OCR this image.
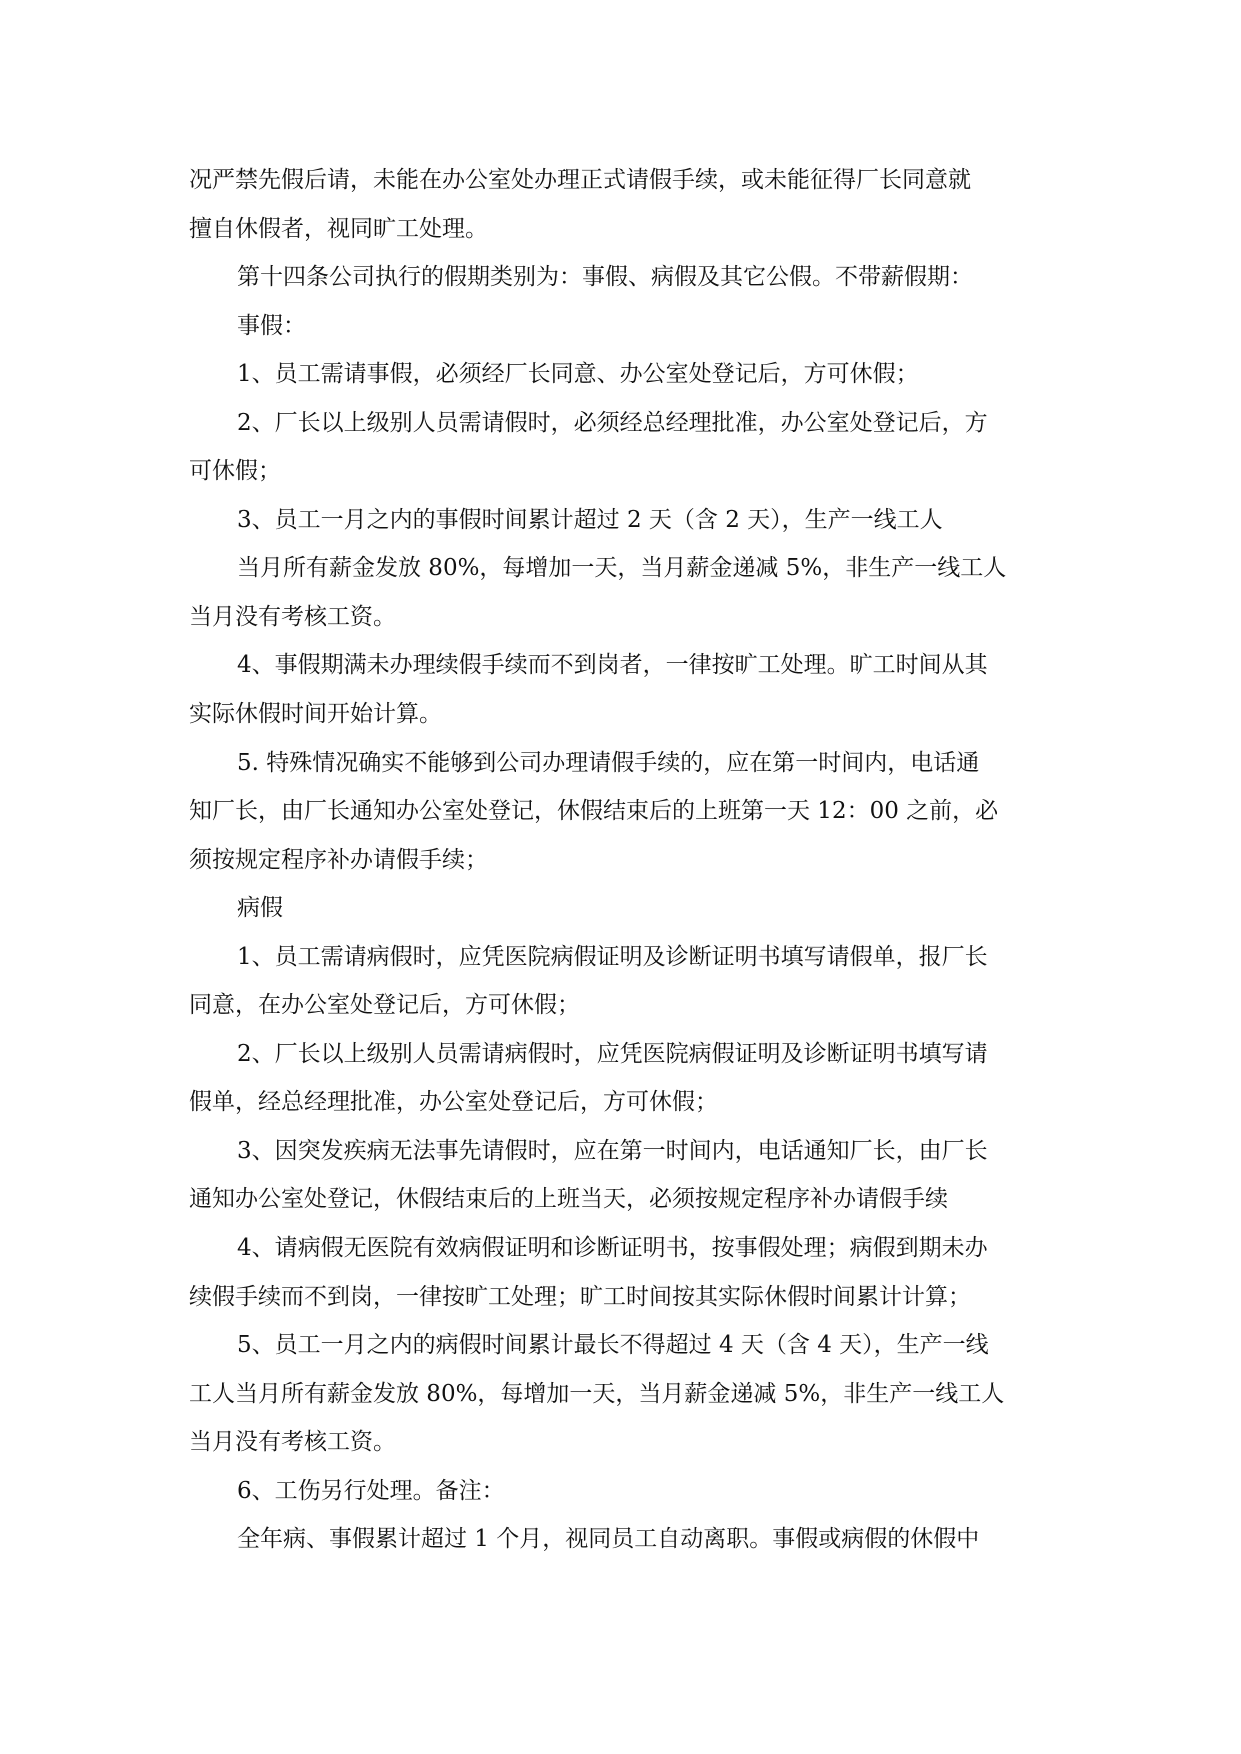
况严禁先假后请，未能在办公室处办理正式请假手续，或未能征得厂长同意就
擅自休假者，视同旷工处理。
第十四条公司执行的假期类别为：事假、病假及其它公假。不带薪假期：
事假：
1、员工需请事假，必须经厂长同意、办公室处登记后，方可休假；
2、厂长以上级别人员需请假时，必须经总经理批准，办公室处登记后，方
可休假；
3、员工一月之内的事假时间累计超过 2 天（含 2 天），生产一线工人
当月所有薪金发放 80%，每增加一天，当月薪金递减 5%，非生产一线工人
当月没有考核工资。
4、事假期满未办理续假手续而不到岗者，一律按旷工处理。旷工时间从其
实际休假时间开始计算。
5. 特殊情况确实不能够到公司办理请假手续的，应在第一时间内，电话通
知厂长，由厂长通知办公室处登记，休假结束后的上班第一天 12：00 之前，必
须按规定程序补办请假手续；
病假
1、员工需请病假时，应凭医院病假证明及诊断证明书填写请假单，报厂长
同意，在办公室处登记后，方可休假；
2、厂长以上级别人员需请病假时，应凭医院病假证明及诊断证明书填写请
假单，经总经理批准，办公室处登记后，方可休假；
3、因突发疾病无法事先请假时，应在第一时间内，电话通知厂长，由厂长
通知办公室处登记，休假结束后的上班当天，必须按规定程序补办请假手续
4、请病假无医院有效病假证明和诊断证明书，按事假处理；病假到期未办
续假手续而不到岗，一律按旷工处理；旷工时间按其实际休假时间累计计算；
5、员工一月之内的病假时间累计最长不得超过 4 天（含 4 天），生产一线
工人当月所有薪金发放 80%，每增加一天，当月薪金递减 5%，非生产一线工人
当月没有考核工资。
6、工伤另行处理。备注：
全年病、事假累计超过 1 个月，视同员工自动离职。事假或病假的休假中
